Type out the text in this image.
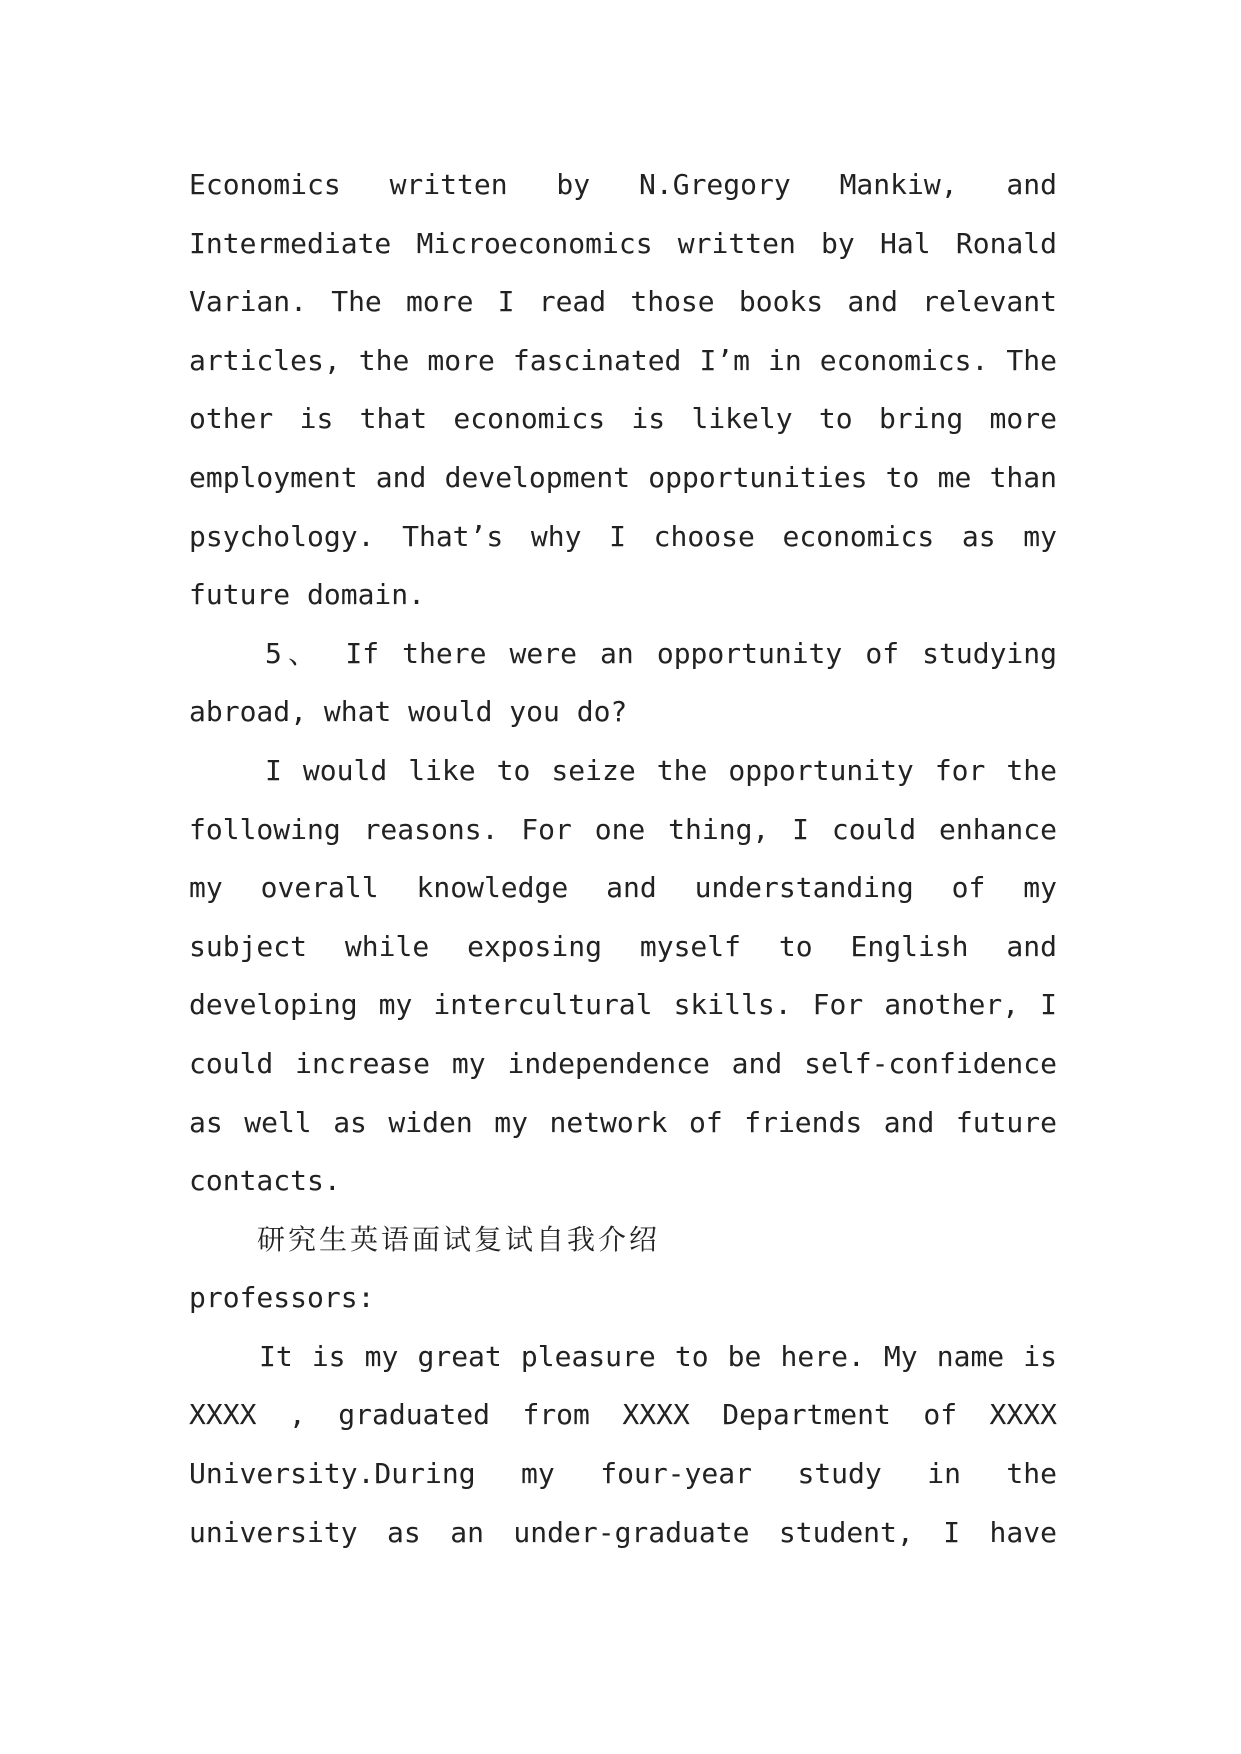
Economics written by N.Gregory Mankiw, and
Intermediate Microeconomics written by Hal Ronald
Varian. The more I read those books and relevant
articles, the more fascinated I’m in economics. The
other is that economics is likely to bring more
employment and development opportunities to me than
psychology. That’s why I choose economics as my
future domain.
5、 If there were an opportunity of studying
abroad, what would you do?
I would like to seize the opportunity for the
following reasons. For one thing, I could enhance
my overall knowledge and understanding of my
subject while exposing myself to English and
developing my intercultural skills. For another, I
could increase my independence and self-confidence
as well as widen my network of friends and future
contacts.
研究生英语面试复试自我介绍
professors:
It is my great pleasure to be here. My name is
XXXX , graduated from XXXX Department of XXXX
University.During my four-year study in the
university as an under-graduate student, I have
